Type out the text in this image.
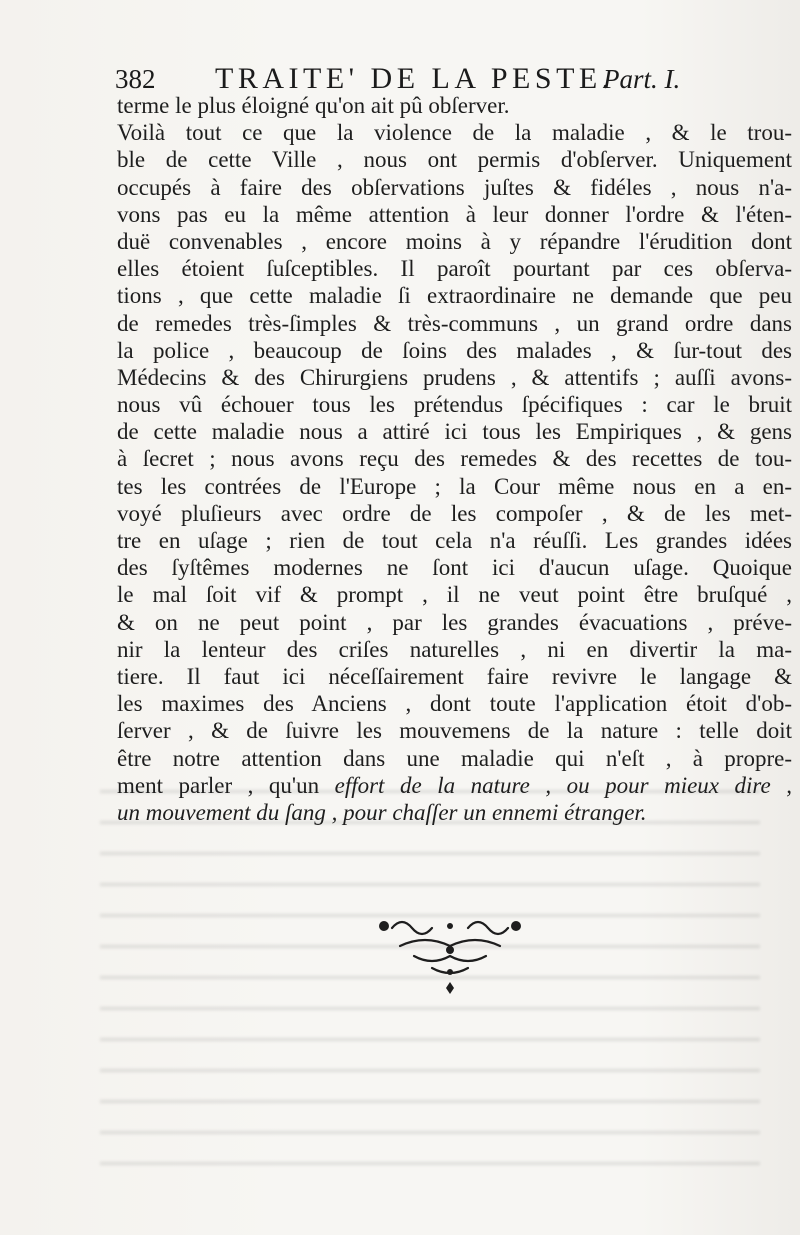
382 TRAITE' DE LA PESTE.
Part. I.
terme le plus éloigné qu'on ait pû obſerver.
Voilà tout ce que la violence de la maladie , & le trou-
ble de cette Ville , nous ont permis d'obſerver. Uniquement
occupés à faire des obſervations juſtes & fidéles , nous n'a-
vons pas eu la même attention à leur donner l'ordre & l'éten-
duë convenables , encore moins à y répandre l'érudition dont
elles étoient ſuſceptibles. Il paroît pourtant par ces obſerva-
tions , que cette maladie ſi extraordinaire ne demande que peu
de remedes très-ſimples & très-communs , un grand ordre dans
la police , beaucoup de ſoins des malades , & ſur-tout des
Médecins & des Chirurgiens prudens , & attentifs ; auſſi avons-
nous vû échouer tous les prétendus ſpécifiques : car le bruit
de cette maladie nous a attiré ici tous les Empiriques , & gens
à ſecret ; nous avons reçu des remedes & des recettes de tou-
tes les contrées de l'Europe ; la Cour même nous en a en-
voyé pluſieurs avec ordre de les compoſer , & de les met-
tre en uſage ; rien de tout cela n'a réuſſi. Les grandes idées
des ſyſtêmes modernes ne ſont ici d'aucun uſage. Quoique
le mal ſoit vif & prompt , il ne veut point être bruſqué ,
& on ne peut point , par les grandes évacuations , préve-
nir la lenteur des criſes naturelles , ni en divertir la ma-
tiere. Il faut ici néceſſairement faire revivre le langage &
les maximes des Anciens , dont toute l'application étoit d'ob-
ſerver , & de ſuivre les mouvemens de la nature : telle doit
être notre attention dans une maladie qui n'eſt , à propre-
ment parler , qu'un effort de la nature , ou pour mieux dire ,
un mouvement du ſang , pour chaſſer un ennemi étranger.
